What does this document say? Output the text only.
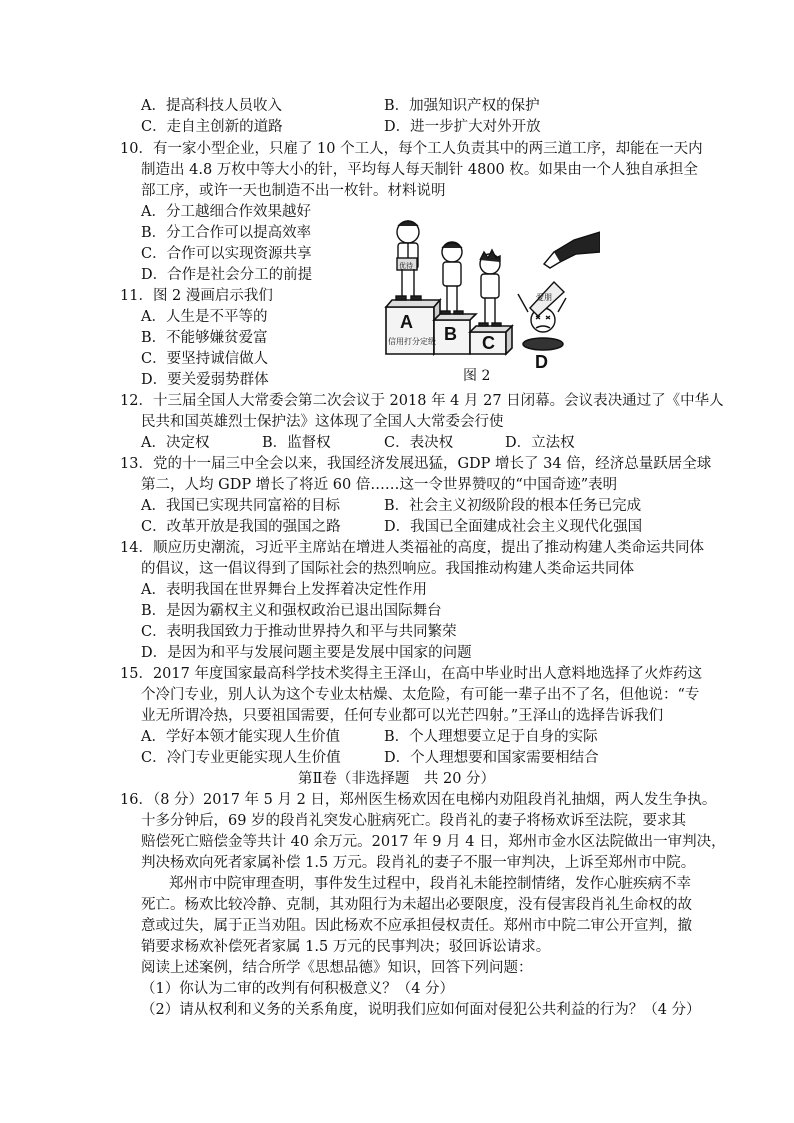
A．提高科技人员收入	B．加强知识产权的保护
C．走自主创新的道路	D．进一步扩大对外开放
10．有一家小型企业，只雇了 10 个工人，每个工人负责其中的两三道工序，却能在一天内
制造出 4.8 万枚中等大小的针，平均每人每天制针 4800 枚。如果由一个人独自承担全
部工序，或许一天也制造不出一枚针。材料说明
A．分工越细合作效果越好
B．分工合作可以提高效率
C．合作可以实现资源共享
D．合作是社会分工的前提
11．图 2 漫画启示我们
A．人生是不平等的
B．不能够嫌贫爱富
C．要坚持诚信做人
D．要关爱弱势群体
A
信用打分定级 B C
D
优待
爱朋
图 2
12．十三届全国人大常委会第二次会议于 2018 年 4 月 27 日闭幕。会议表决通过了《中华人
民共和国英雄烈士保护法》这体现了全国人大常委会行使
A．决定权	B．监督权	C．表决权	D．立法权
13．党的十一届三中全会以来，我国经济发展迅猛，GDP 增长了 34 倍，经济总量跃居全球
第二，人均 GDP 增长了将近 60 倍……这一令世界赞叹的“中国奇迹”表明
A．我国已实现共同富裕的目标	B．社会主义初级阶段的根本任务已完成
C．改革开放是我国的强国之路	D．我国已全面建成社会主义现代化强国
14．顺应历史潮流，习近平主席站在增进人类福祉的高度，提出了推动构建人类命运共同体
的倡议，这一倡议得到了国际社会的热烈响应。我国推动构建人类命运共同体
A．表明我国在世界舞台上发挥着决定性作用
B．是因为霸权主义和强权政治已退出国际舞台
C．表明我国致力于推动世界持久和平与共同繁荣
D．是因为和平与发展问题主要是发展中国家的问题
15．2017 年度国家最高科学技术奖得主王泽山，在高中毕业时出人意料地选择了火炸药这
个冷门专业，别人认为这个专业太枯燥、太危险，有可能一辈子出不了名，但他说：“专
业无所谓冷热，只要祖国需要，任何专业都可以光芒四射。”王泽山的选择告诉我们
A．学好本领才能实现人生价值	B．个人理想要立足于自身的实际
C．冷门专业更能实现人生价值	D．个人理想要和国家需要相结合
第Ⅱ卷（非选择题　共 20 分）
16．（8 分）2017 年 5 月 2 日，郑州医生杨欢因在电梯内劝阻段肖礼抽烟，两人发生争执。
十多分钟后，69 岁的段肖礼突发心脏病死亡。段肖礼的妻子将杨欢诉至法院，要求其
赔偿死亡赔偿金等共计 40 余万元。2017 年 9 月 4 日，郑州市金水区法院做出一审判决，
判决杨欢向死者家属补偿 1.5 万元。段肖礼的妻子不服一审判决，上诉至郑州市中院。
郑州市中院审理查明，事件发生过程中，段肖礼未能控制情绪，发作心脏疾病不幸
死亡。杨欢比较冷静、克制，其劝阻行为未超出必要限度，没有侵害段肖礼生命权的故
意或过失，属于正当劝阻。因此杨欢不应承担侵权责任。郑州市中院二审公开宣判，撤
销要求杨欢补偿死者家属 1.5 万元的民事判决；驳回诉讼请求。
阅读上述案例，结合所学《思想品德》知识，回答下列问题：
（1）你认为二审的改判有何积极意义？（4 分）
（2）请从权利和义务的关系角度，说明我们应如何面对侵犯公共利益的行为？（4 分）
